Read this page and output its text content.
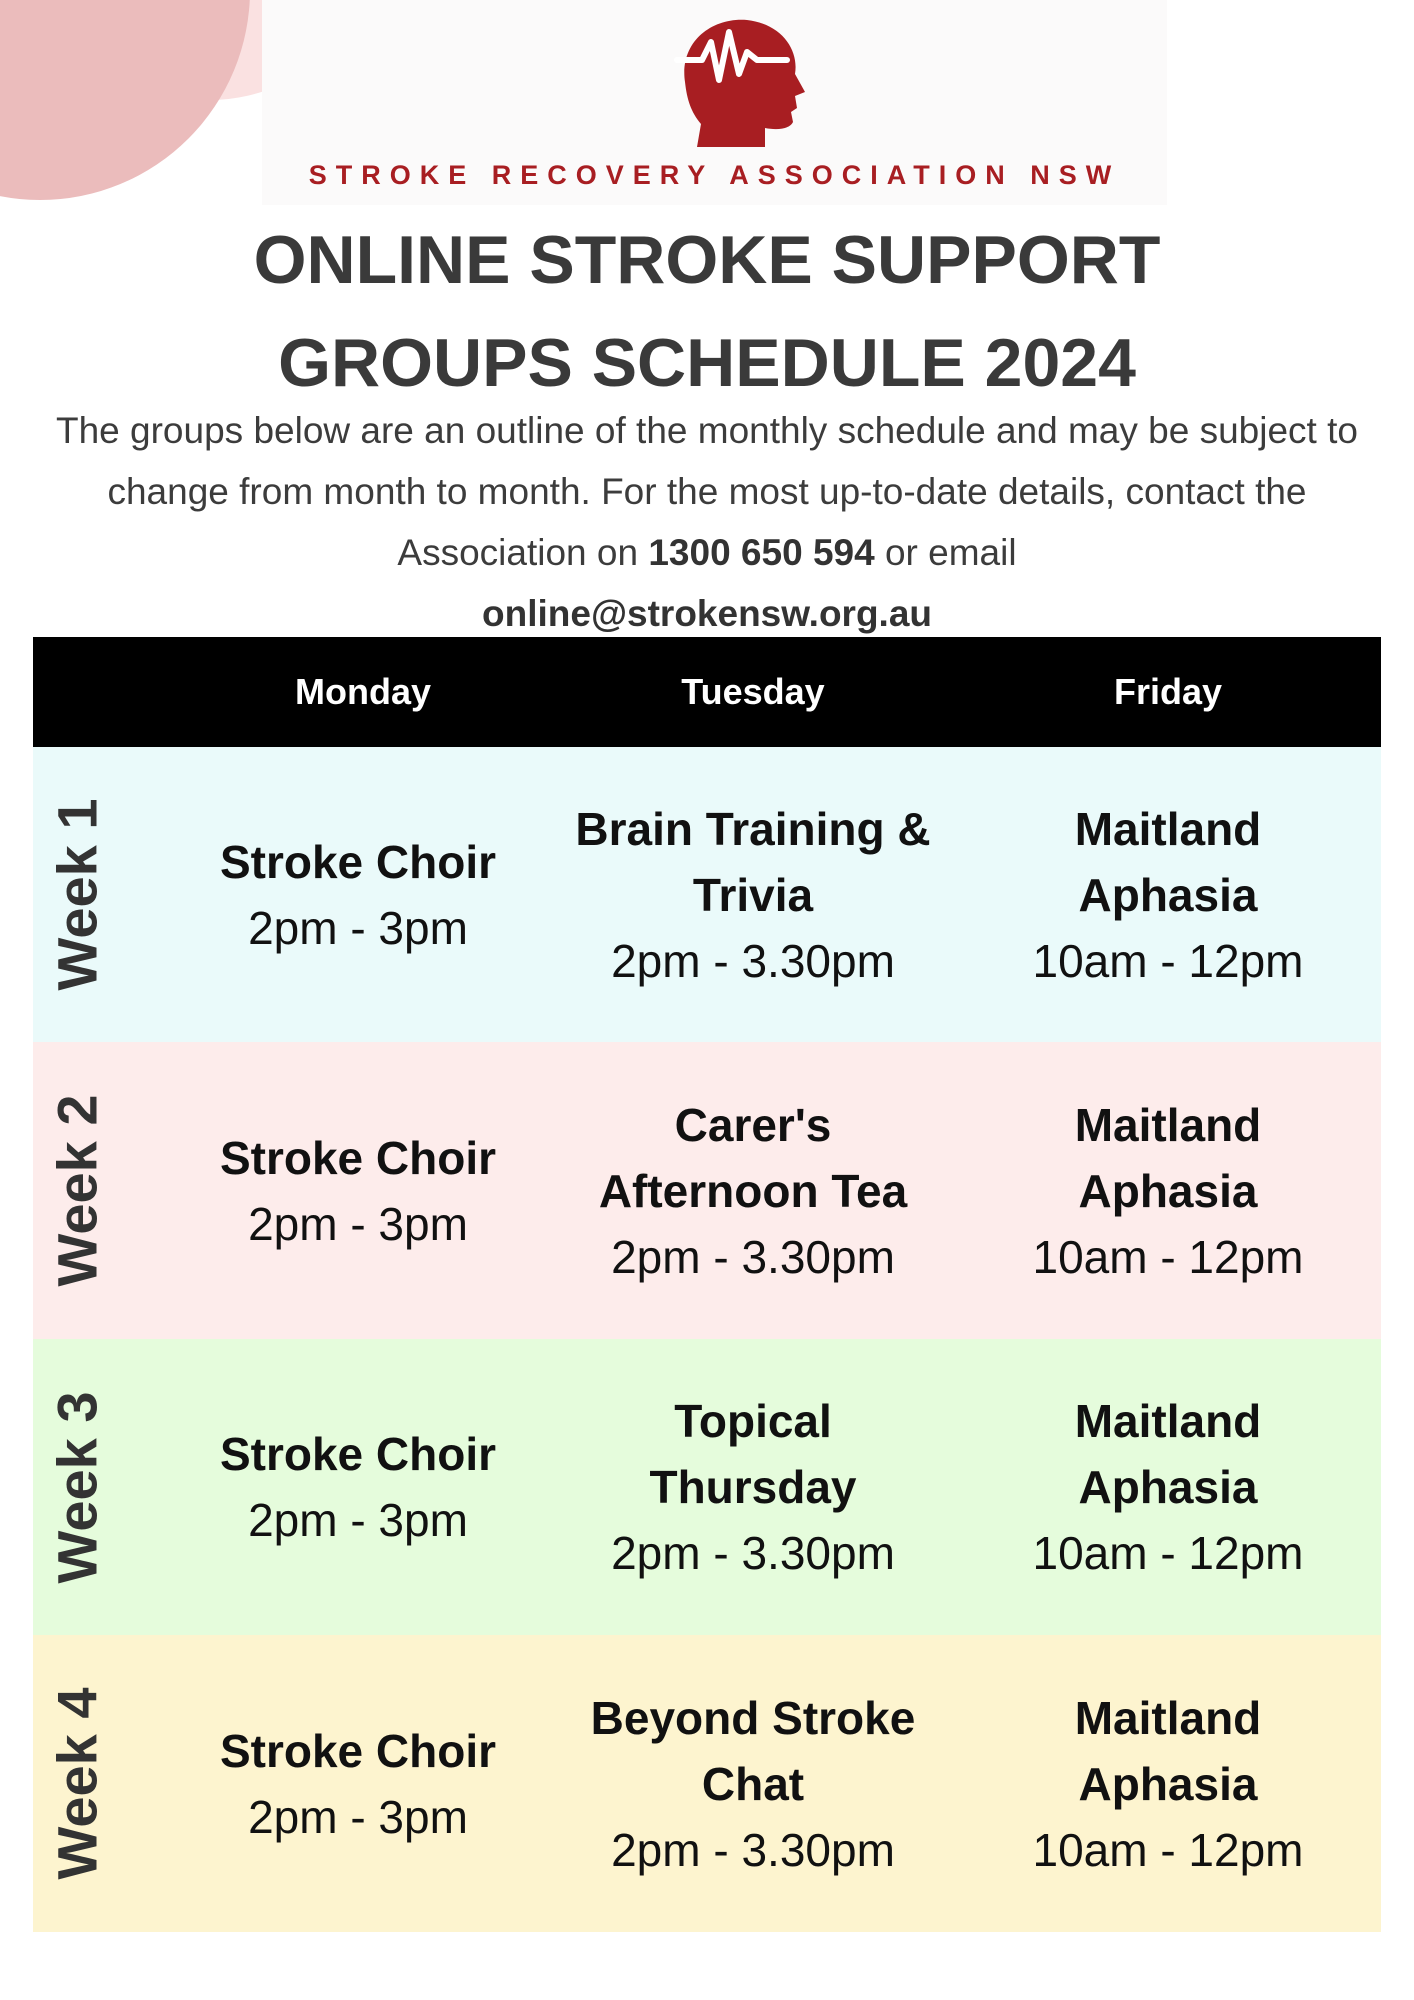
STROKE RECOVERY ASSOCIATION NSW
ONLINE STROKE SUPPORT
GROUPS SCHEDULE 2024
The groups below are an outline of the monthly schedule and may be subject to change from month to month. For the most up-to-date details, contact the Association on 1300 650 594 or email
online@strokensw.org.au
Monday	Tuesday	Friday
Week 1 Stroke Choir
2pm - 3pm
Brain Training &
Trivia
2pm - 3.30pm
Maitland
Aphasia
10am - 12pm
Week 2 Stroke Choir
2pm - 3pm
Carer's
Afternoon Tea
2pm - 3.30pm
Maitland
Aphasia
10am - 12pm
Week 3 Stroke Choir
2pm - 3pm
Topical
Thursday
2pm - 3.30pm
Maitland
Aphasia
10am - 12pm
Week 4 Stroke Choir
2pm - 3pm
Beyond Stroke
Chat
2pm - 3.30pm
Maitland
Aphasia
10am - 12pm
